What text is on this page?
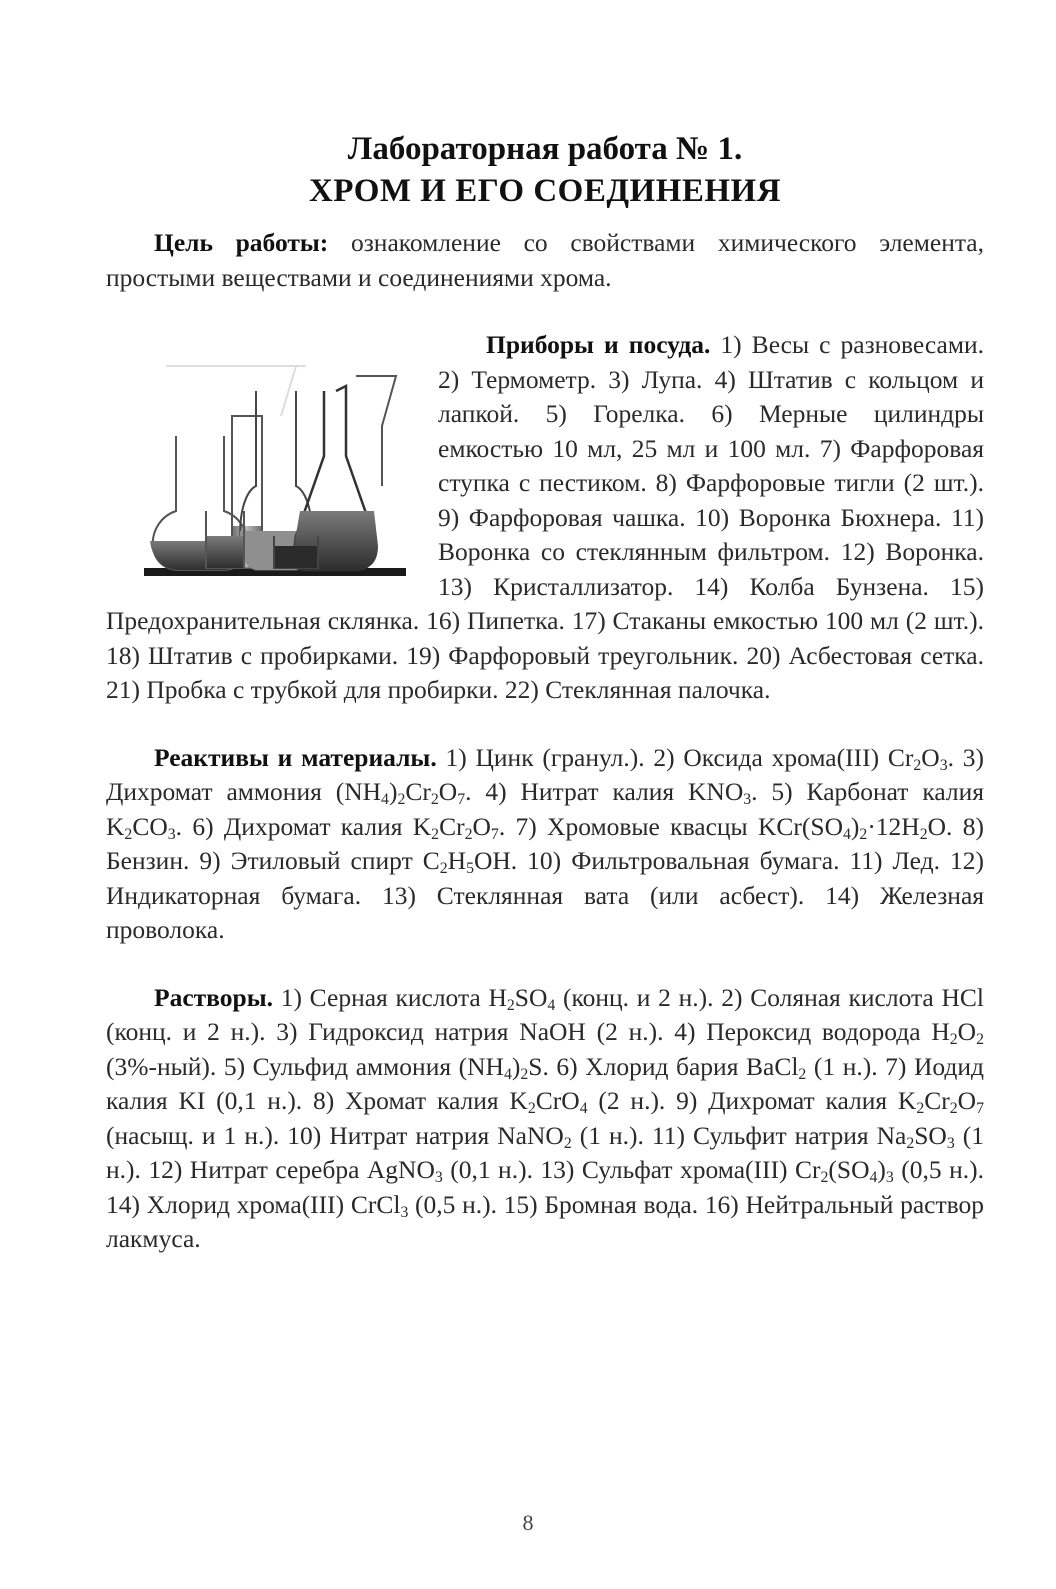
Лабораторная работа № 1.
ХРОМ И ЕГО СОЕДИНЕНИЯ

Цель работы: ознакомление со свойствами химического элемента, простыми веществами и соединениями хрома.

Приборы и посуда. 1) Весы с разновесами. 2) Термометр. 3) Лупа. 4) Штатив с кольцом и лапкой. 5) Горелка. 6) Мерные цилиндры емкостью 10 мл, 25 мл и 100 мл. 7) Фарфоровая ступка с пестиком. 8) Фарфоровые тигли (2 шт.). 9) Фарфоровая чашка. 10) Воронка Бюхнера. 11) Воронка со стеклянным фильтром. 12) Воронка. 13) Кристаллизатор. 14) Колба Бунзена. 15) Предохранительная склянка. 16) Пипетка. 17) Стаканы емкостью 100 мл (2 шт.). 18) Штатив с пробирками. 19) Фарфоровый треугольник. 20) Асбестовая сетка. 21) Пробка с трубкой для пробирки. 22) Стеклянная палочка.

Реактивы и материалы. 1) Цинк (гранул.). 2) Оксида хрома(III) $Cr_2O_3$. 3) Дихромат аммония $(NH_4)_2Cr_2O_7$. 4) Нитрат калия $KNO_3$. 5) Карбонат калия $K_2CO_3$. 6) Дихромат калия $K_2Cr_2O_7$. 7) Хромовые квасцы $KCr(SO_4)_2\cdot 12H_2O$. 8) Бензин. 9) Этиловый спирт $C_2H_5OH$. 10) Фильтровальная бумага. 11) Лед. 12) Индикаторная бумага. 13) Стеклянная вата (или асбест). 14) Железная проволока.

Растворы. 1) Серная кислота $H_2SO_4$ (конц. и 2 н.). 2) Соляная кислота HCl (конц. и 2 н.). 3) Гидроксид натрия NaOH (2 н.). 4) Пероксид водорода $H_2O_2$ (3%-ный). 5) Сульфид аммония $(NH_4)_2S$. 6) Хлорид бария BaCl$_2$ (1 н.). 7) Иодид калия KI (0,1 н.). 8) Хромат калия $K_2CrO_4$ (2 н.). 9) Дихромат калия $K_2Cr_2O_7$ (насыщ. и 1 н.). 10) Нитрат натрия NaNO$_2$ (1 н.). 11) Сульфит натрия $Na_2SO_3$ (1 н.). 12) Нитрат серебра AgNO$_3$ (0,1 н.). 13) Сульфат хрома(III) $Cr_2(SO_4)_3$ (0,5 н.). 14) Хлорид хрома(III) CrCl$_3$ (0,5 н.). 15) Бромная вода. 16) Нейтральный раствор лакмуса.

8
